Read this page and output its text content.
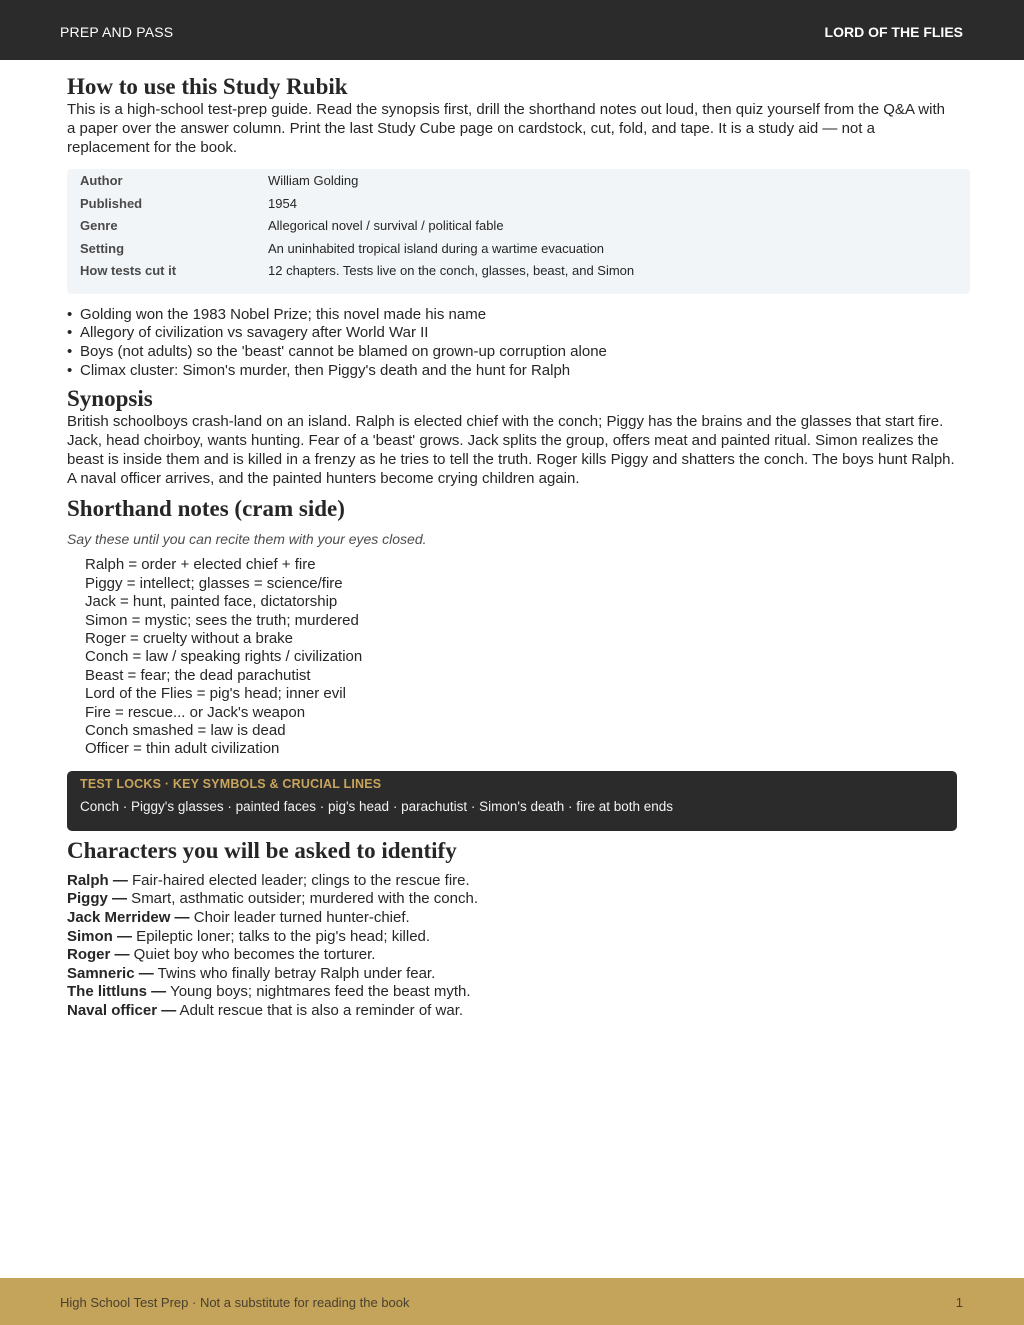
PREP AND PASS	LORD OF THE FLIES
How to use this Study Rubik

This is a high-school test-prep guide. Read the synopsis first, drill the shorthand notes out loud, then quiz yourself from the Q&A with a paper over the answer column. Print the last Study Cube page on cardstock, cut, fold, and tape. It is a study aid — not a replacement for the book.

Author	William Golding
Published	1954
Genre	Allegorical novel / survival / political fable
Setting	An uninhabited tropical island during a wartime evacuation
How tests cut it	12 chapters. Tests live on the conch, glasses, beast, and Simon
• Golding won the 1983 Nobel Prize; this novel made his name
• Allegory of civilization vs savagery after World War II
• Boys (not adults) so the 'beast' cannot be blamed on grown-up corruption alone
• Climax cluster: Simon's murder, then Piggy's death and the hunt for Ralph
Synopsis

British schoolboys crash-land on an island. Ralph is elected chief with the conch; Piggy has the brains and the glasses that start fire. Jack, head choirboy, wants hunting. Fear of a 'beast' grows. Jack splits the group, offers meat and painted ritual. Simon realizes the beast is inside them and is killed in a frenzy as he tries to tell the truth. Roger kills Piggy and shatters the conch. The boys hunt Ralph. A naval officer arrives, and the painted hunters become crying children again.

Shorthand notes (cram side)
Say these until you can recite them with your eyes closed.
Ralph = order + elected chief + fire
Piggy = intellect; glasses = science/fire
Jack = hunt, painted face, dictatorship
Simon = mystic; sees the truth; murdered
Roger = cruelty without a brake
Conch = law / speaking rights / civilization
Beast = fear; the dead parachutist
Lord of the Flies = pig's head; inner evil
Fire = rescue... or Jack's weapon
Conch smashed = law is dead
Officer = thin adult civilization
TEST LOCKS · KEY SYMBOLS & CRUCIAL LINES
Conch · Piggy's glasses · painted faces · pig's head · parachutist · Simon's death · fire at both ends
Characters you will be asked to identify
Ralph — Fair-haired elected leader; clings to the rescue fire.
Piggy — Smart, asthmatic outsider; murdered with the conch.
Jack Merridew — Choir leader turned hunter-chief.
Simon — Epileptic loner; talks to the pig's head; killed.
Roger — Quiet boy who becomes the torturer.
Samneric — Twins who finally betray Ralph under fear.
The littluns — Young boys; nightmares feed the beast myth.
Naval officer — Adult rescue that is also a reminder of war.
High School Test Prep · Not a substitute for reading the book	1
